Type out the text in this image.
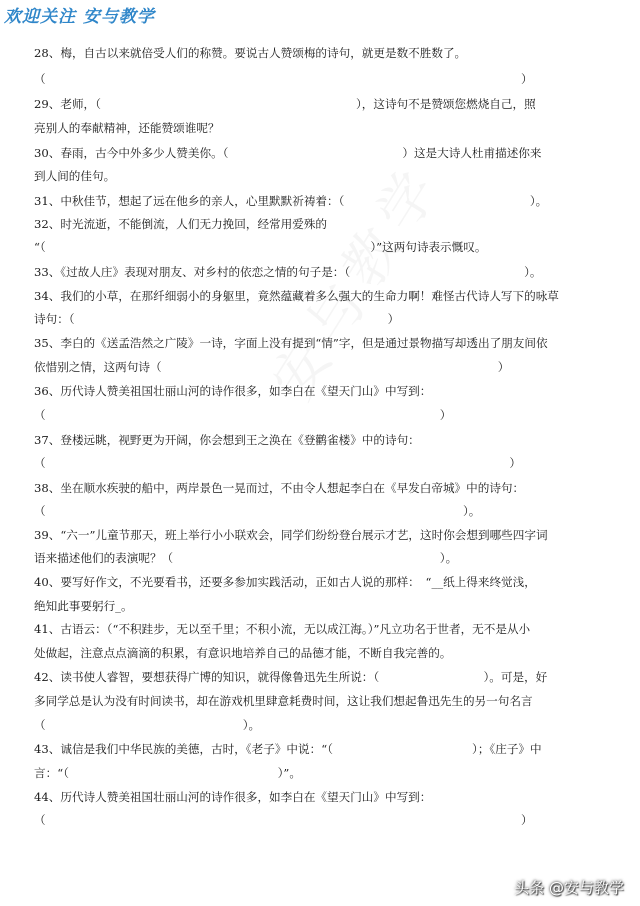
欢迎关注 安与教学
28、梅，自古以来就倍受人们的称赞。要说古人赞颂梅的诗句，就更是数不胜数了。
（　　　　　　　　　　　　　　　　　　　　　　　　　　　　　　　　　　　　　　　　　）
29、老师，（　　　　　　　　　　　　　　　　　　　　　　），这诗句不是赞颂您燃烧自己，照
亮别人的奉献精神，还能赞颂谁呢？
30、春雨，古今中外多少人赞美你。（　　　　　　　　　　　　　　　）这是大诗人杜甫描述你来
到人间的佳句。
31、中秋佳节，想起了远在他乡的亲人，心里默默祈祷着：（　　　　　　　　　　　　　　　　）。
32、时光流逝，不能倒流，人们无力挽回，经常用爱殊的
“（　　　　　　　　　　　　　　　　　　　　　　　　　　　　）”这两句诗表示慨叹。
33、《过故人庄》表现对朋友、对乡村的依恋之情的句子是：（　　　　　　　　　　　　　　　）。
34、我们的小草，在那纤细弱小的身躯里，竟然蕴藏着多么强大的生命力啊！难怪古代诗人写下的咏草
诗句：（　　　　　　　　　　　　　　　　　　　　　　　　　　　）
35、李白的《送孟浩然之广陵》一诗，字面上没有提到“情”字，但是通过景物描写却透出了朋友间依
依惜别之情，这两句诗（　　　　　　　　　　　　　　　　　　　　　　　　　　　　　）
36、历代诗人赞美祖国壮丽山河的诗作很多，如李白在《望天门山》中写到：
（　　　　　　　　　　　　　　　　　　　　　　　　　　　　　　　　　　）
37、登楼远眺，视野更为开阔，你会想到王之涣在《登鹳雀楼》中的诗句：
（　　　　　　　　　　　　　　　　　　　　　　　　　　　　　　　　　　　　　　　　）
38、坐在顺水疾驶的船中，两岸景色一晃而过，不由令人想起李白在《早发白帝城》中的诗句：
（　　　　　　　　　　　　　　　　　　　　　　　　　　　　　　　　　　　　）。
39、“六一”儿童节那天，班上举行小小联欢会，同学们纷纷登台展示才艺，这时你会想到哪些四字词
语来描述他们的表演呢？（　　　　　　　　　　　　　　　　　　　　　　　）。
40、要写好作文，不光要看书，还要多参加实践活动，正如古人说的那样：　“__纸上得来终觉浅，
绝知此事要躬行_。
41、古语云：（“不积跬步，无以至千里；不积小流，无以成江海。）”凡立功名于世者，无不是从小
处做起，注意点点滴滴的积累，有意识地培养自己的品德才能，不断自我完善的。
42、读书使人睿智，要想获得广博的知识，就得像鲁迅先生所说：（　　　　　　　　　）。可是，好
多同学总是认为没有时间读书，却在游戏机里肆意耗费时间，这让我们想起鲁迅先生的另一句名言
（　　　　　　　　　　　　　　　　　）。
43、诚信是我们中华民族的美德，古时，《老子》中说：“（　　　　　　　　　　　　）；《庄子》中
言：“（　　　　　　　　　　　　　　　　　　）”。
44、历代诗人赞美祖国壮丽山河的诗作很多，如李白在《望天门山》中写到：
（　　　　　　　　　　　　　　　　　　　　　　　　　　　　　　　　　　　　　　　　　）
头条 @安与教学
